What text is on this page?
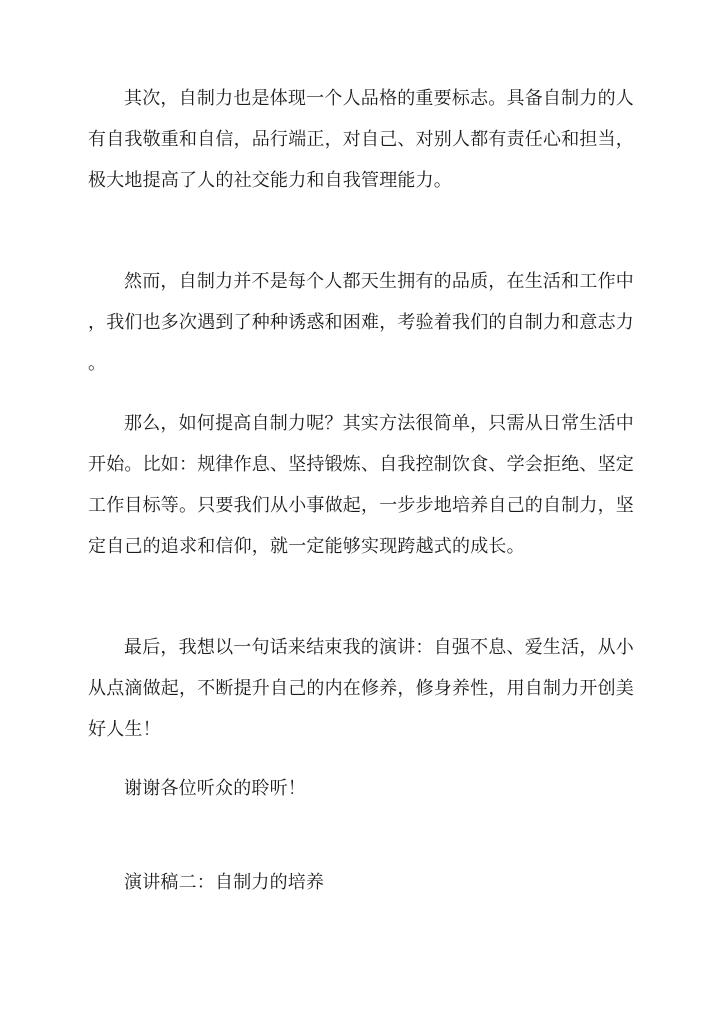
其次，自制力也是体现一个人品格的重要标志。具备自制力的人有自我敬重和自信，品行端正，对自己、对别人都有责任心和担当，极大地提高了人的社交能力和自我管理能力。

然而，自制力并不是每个人都天生拥有的品质，在生活和工作中，我们也多次遇到了种种诱惑和困难，考验着我们的自制力和意志力。

那么，如何提高自制力呢？其实方法很简单，只需从日常生活中开始。比如：规律作息、坚持锻炼、自我控制饮食、学会拒绝、坚定工作目标等。只要我们从小事做起，一步步地培养自己的自制力，坚定自己的追求和信仰，就一定能够实现跨越式的成长。

最后，我想以一句话来结束我的演讲：自强不息、爱生活，从小从点滴做起，不断提升自己的内在修养，修身养性，用自制力开创美好人生！

谢谢各位听众的聆听！

演讲稿二：自制力的培养
